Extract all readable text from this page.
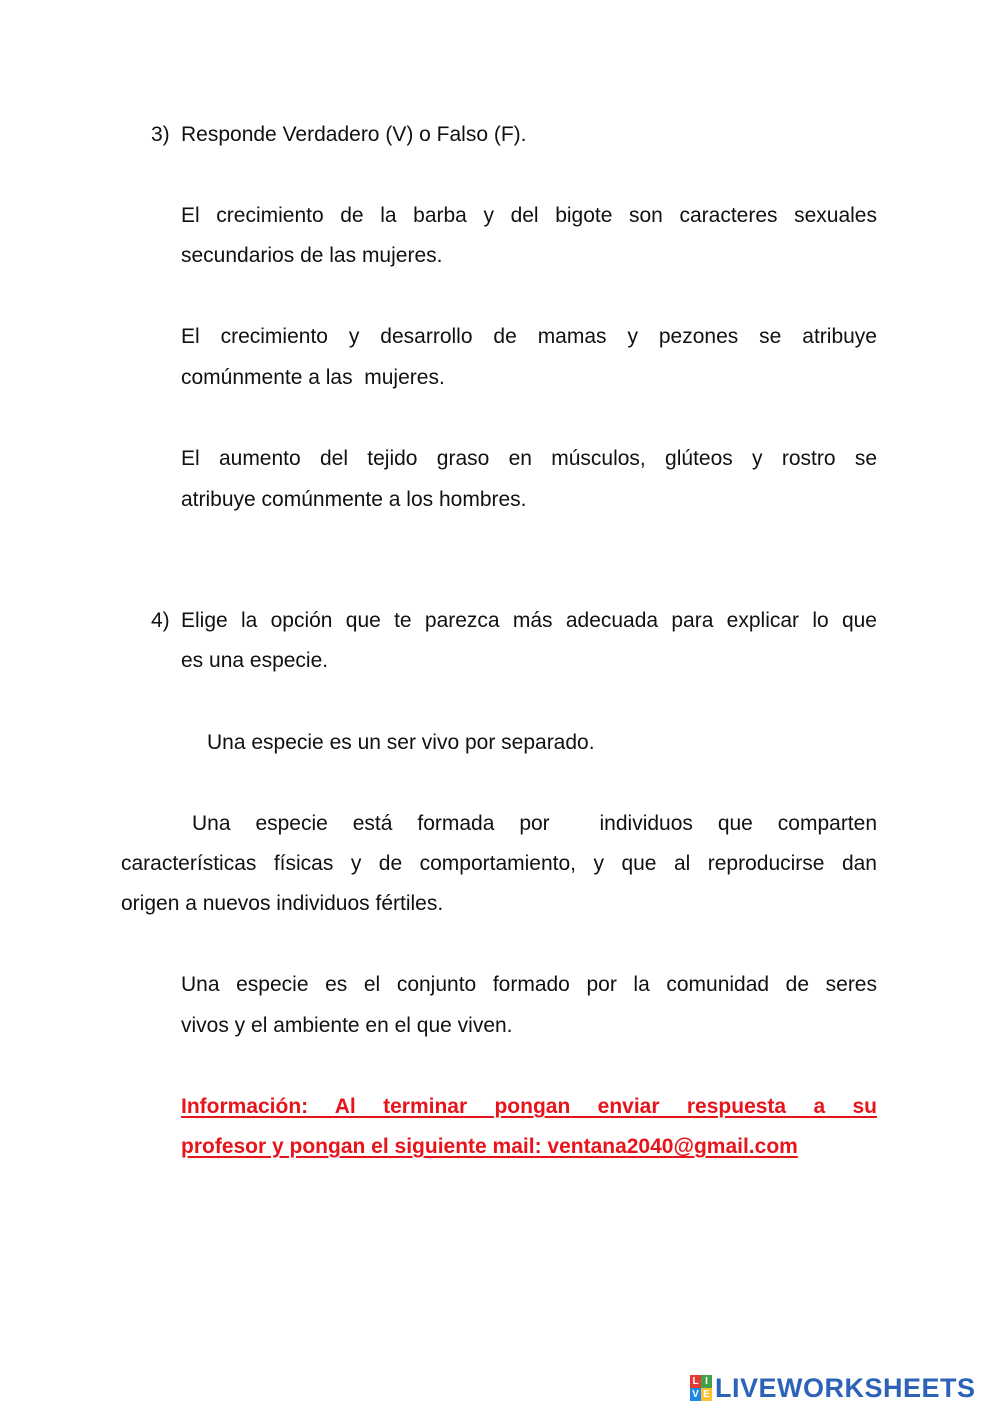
3) Responde Verdadero (V) o Falso (F).
El crecimiento de la barba y del bigote son caracteres sexuales
secundarios de las mujeres.
El crecimiento y desarrollo de mamas y pezones se atribuye
comúnmente a las  mujeres.
El aumento del tejido graso en músculos, glúteos y rostro se
atribuye comúnmente a los hombres.
4) Elige la opción que te parezca más adecuada para explicar lo que
es una especie.
Una especie es un ser vivo por separado.
Una especie está formada por  individuos que comparten
características físicas y de comportamiento, y que al reproducirse dan
origen a nuevos individuos fértiles.
Una especie es el conjunto formado por la comunidad de seres
vivos y el ambiente en el que viven.
Información: Al terminar pongan enviar respuesta a su
profesor y pongan el siguiente mail: ventana2040@gmail.com
L I
V E LIVEWORKSHEETS
